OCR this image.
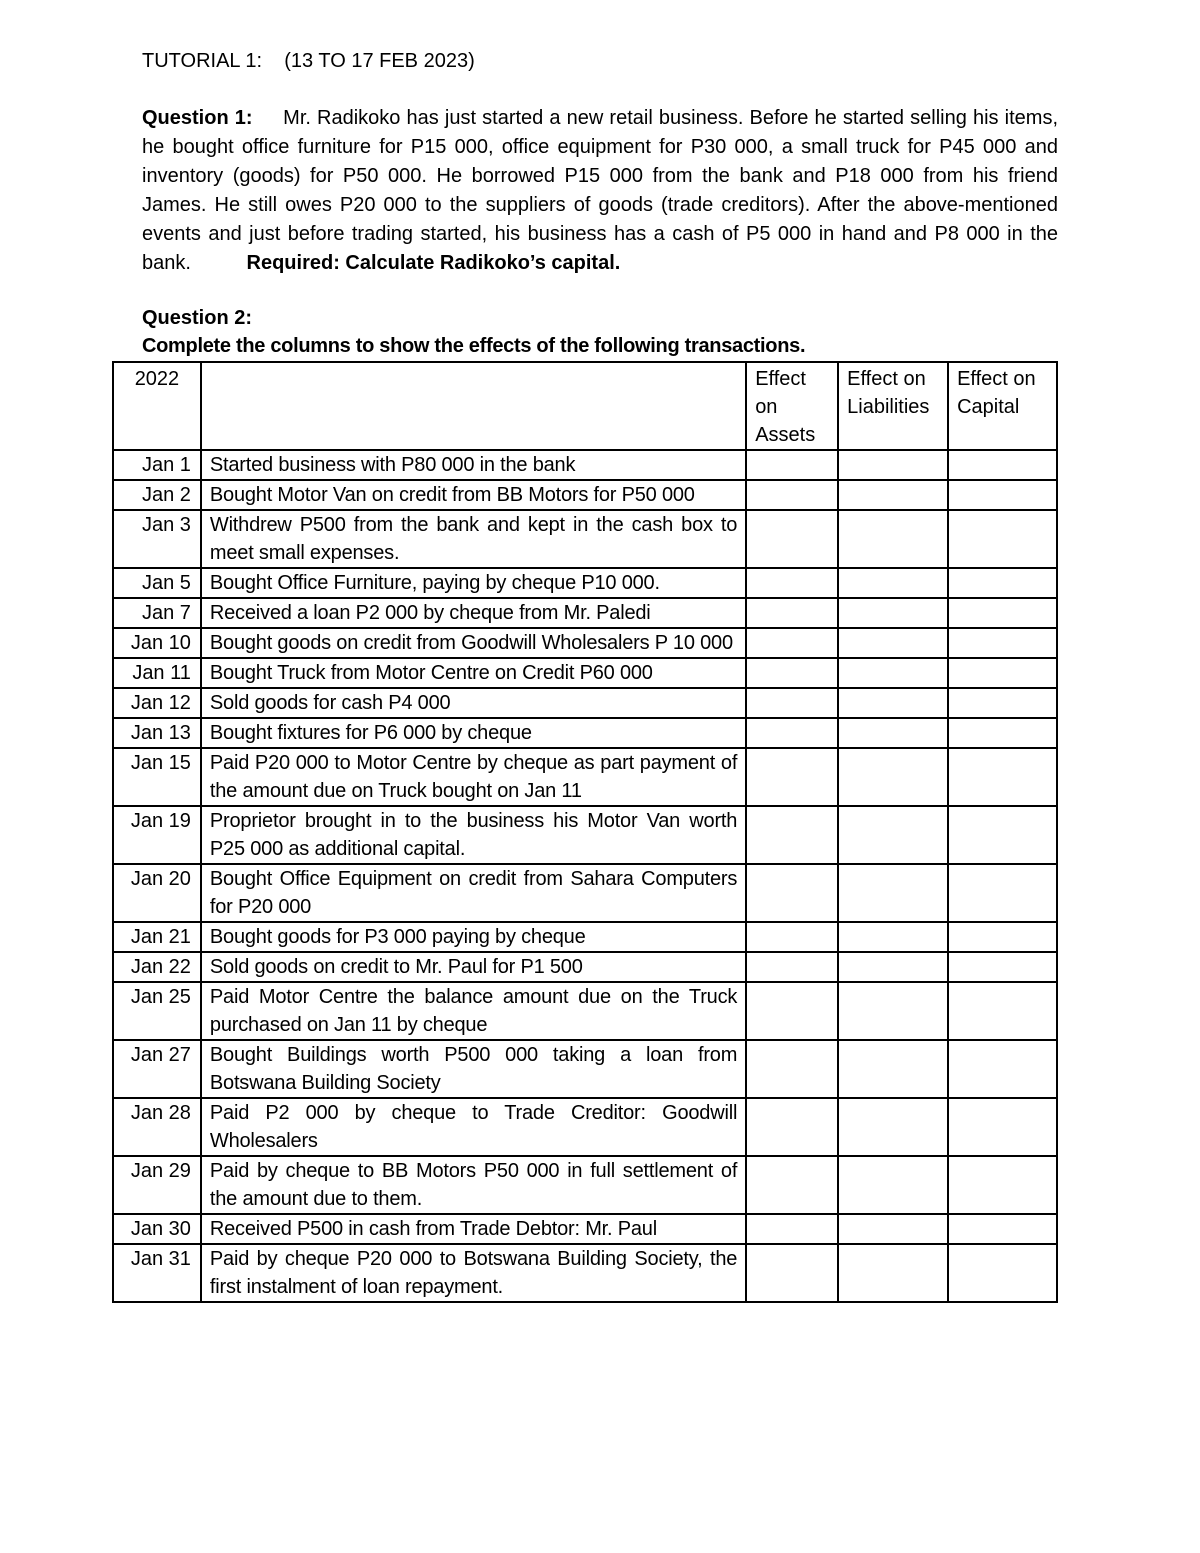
TUTORIAL 1:    (13 TO 17 FEB 2023)

Question 1: Mr. Radikoko has just started a new retail business. Before he started selling his items, he bought office furniture for P15 000, office equipment for P30 000, a small truck for P45 000 and inventory (goods) for P50 000. He borrowed P15 000 from the bank and P18 000 from his friend James. He still owes P20 000 to the suppliers of goods (trade creditors). After the above-mentioned events and just before trading started, his business has a cash of P5 000 in hand and P8 000 in the bank.	Required: Calculate Radikoko’s capital.
Question 2:
Complete the columns to show the effects of the following transactions.
2022		Effect on Assets	Effect on Liabilities	Effect on Capital
Jan 1	Started business with P80 000 in the bank			
Jan 2	Bought Motor Van on credit from BB Motors for P50 000			
Jan 3	Withdrew P500 from the bank and kept in the cash box to meet small expenses.			
Jan 5	Bought Office Furniture, paying by cheque P10 000.			
Jan 7	Received a loan P2 000 by cheque from Mr. Paledi			
Jan 10	Bought goods on credit from Goodwill Wholesalers P 10 000			
Jan 11	Bought Truck from Motor Centre on Credit P60 000			
Jan 12	Sold goods for cash P4 000			
Jan 13	Bought fixtures for P6 000 by cheque			
Jan 15	Paid P20 000 to Motor Centre by cheque as part payment of the amount due on Truck bought on Jan 11			
Jan 19	Proprietor brought in to the business his Motor Van worth P25 000 as additional capital.			
Jan 20	Bought Office Equipment on credit from Sahara Computers for P20 000			
Jan 21	Bought goods for P3 000 paying by cheque			
Jan 22	Sold goods on credit to Mr. Paul for P1 500			
Jan 25	Paid Motor Centre the balance amount due on the Truck purchased on Jan 11 by cheque			
Jan 27	Bought Buildings worth P500 000 taking a loan from Botswana Building Society			
Jan 28	Paid P2 000 by cheque to Trade Creditor: Goodwill Wholesalers			
Jan 29	Paid by cheque to BB Motors P50 000 in full settlement of the amount due to them.			
Jan 30	Received P500 in cash from Trade Debtor: Mr. Paul			
Jan 31	Paid by cheque P20 000 to Botswana Building Society, the first instalment of loan repayment.			
